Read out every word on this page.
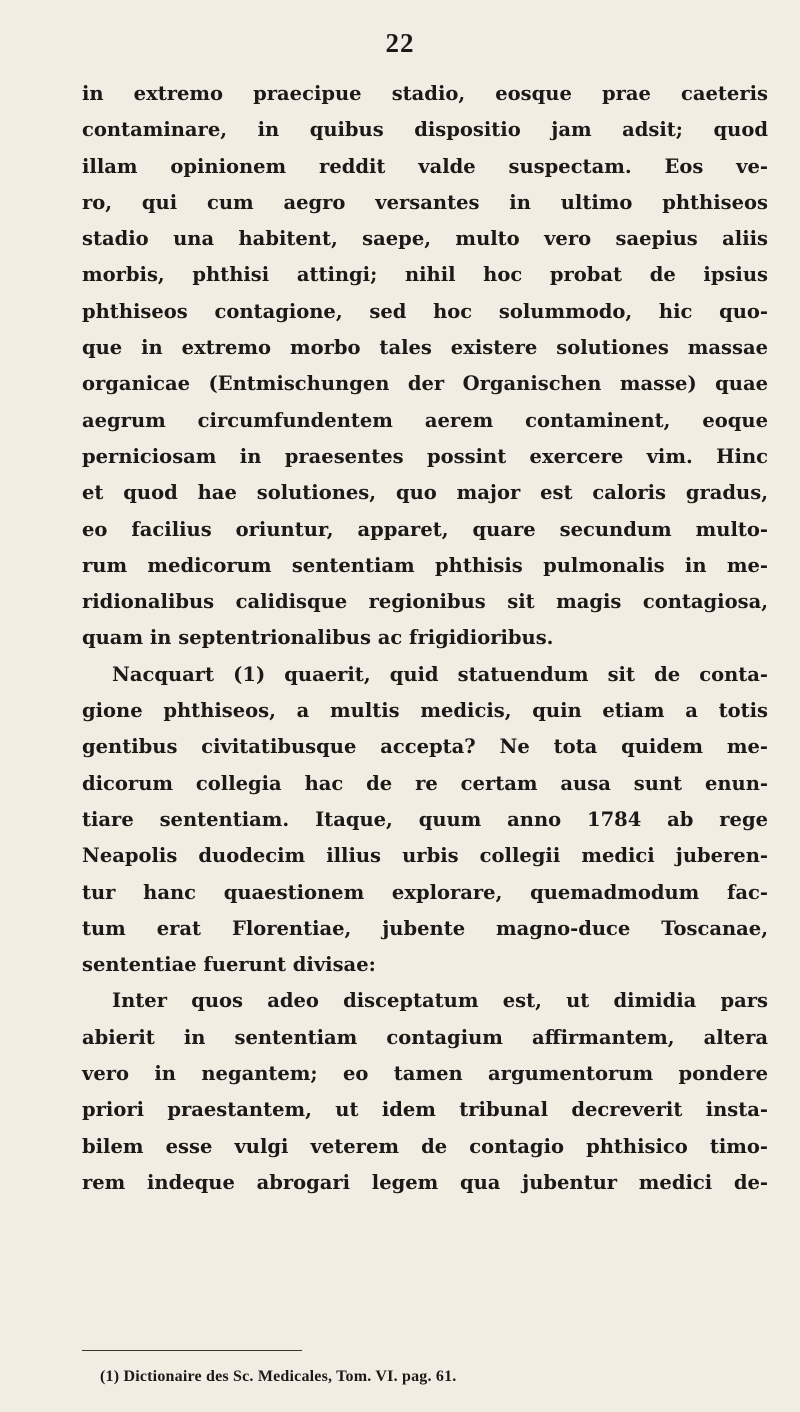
22
in extremo praecipue stadio, eosque prae caeteris
contaminare, in quibus dispositio jam adsit; quod
illam opinionem reddit valde suspectam. Eos ve-
ro, qui cum aegro versantes in ultimo phthiseos
stadio una habitent, saepe, multo vero saepius aliis
morbis, phthisi attingi; nihil hoc probat de ipsius
phthiseos contagione, sed hoc solummodo, hic quo-
que in extremo morbo tales existere solutiones massae
organicae (Entmischungen der Organischen masse) quae
aegrum circumfundentem aerem contaminent, eoque
perniciosam in praesentes possint exercere vim. Hinc
et quod hae solutiones, quo major est caloris gradus,
eo facilius oriuntur, apparet, quare secundum multo-
rum medicorum sententiam phthisis pulmonalis in me-
ridionalibus calidisque regionibus sit magis contagiosa,
quam in septentrionalibus ac frigidioribus.
Nacquart (1) quaerit, quid statuendum sit de conta-
gione phthiseos, a multis medicis, quin etiam a totis
gentibus civitatibusque accepta? Ne tota quidem me-
dicorum collegia hac de re certam ausa sunt enun-
tiare sententiam. Itaque, quum anno 1784 ab rege
Neapolis duodecim illius urbis collegii medici juberen-
tur hanc quaestionem explorare, quemadmodum fac-
tum erat Florentiae, jubente magno-duce Toscanae,
sententiae fuerunt divisae:
Inter quos adeo disceptatum est, ut dimidia pars
abierit in sententiam contagium affirmantem, altera
vero in negantem; eo tamen argumentorum pondere
priori praestantem, ut idem tribunal decreverit insta-
bilem esse vulgi veterem de contagio phthisico timo-
rem indeque abrogari legem qua jubentur medici de-
(1) Dictionaire des Sc. Medicales, Tom. VI. pag. 61.
